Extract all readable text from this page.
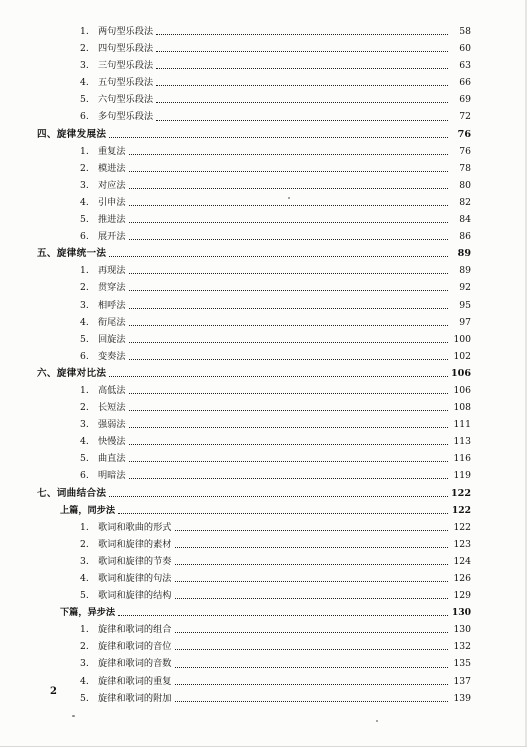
1.	两句型乐段法	58
2.	四句型乐段法	60
3.	三句型乐段法	63
4.	五句型乐段法	66
5.	六句型乐段法	69
6.	多句型乐段法	72
四、旋律发展法	76
1.	重复法	76
2.	模进法	78
3.	对应法	80
4.	引申法	82
5.	推进法	84
6.	展开法	86
五、旋律统一法	89
1.	再现法	89
2.	贯穿法	92
3.	相呼法	95
4.	衔尾法	97
5.	回旋法	100
6.	变奏法	102
六、旋律对比法	106
1.	高低法	106
2.	长短法	108
3.	强弱法	111
4.	快慢法	113
5.	曲直法	116
6.	明暗法	119
七、词曲结合法	122
上篇，同步法	122
1.	歌词和歌曲的形式	122
2.	歌词和旋律的素材	123
3.	歌词和旋律的节奏	124
4.	歌词和旋律的句法	126
5.	歌词和旋律的结构	129
下篇，异步法	130
1.	旋律和歌词的组合	130
2.	旋律和歌词的音位	132
3.	旋律和歌词的音数	135
4.	旋律和歌词的重复	137
5.	旋律和歌词的附加	139
2
